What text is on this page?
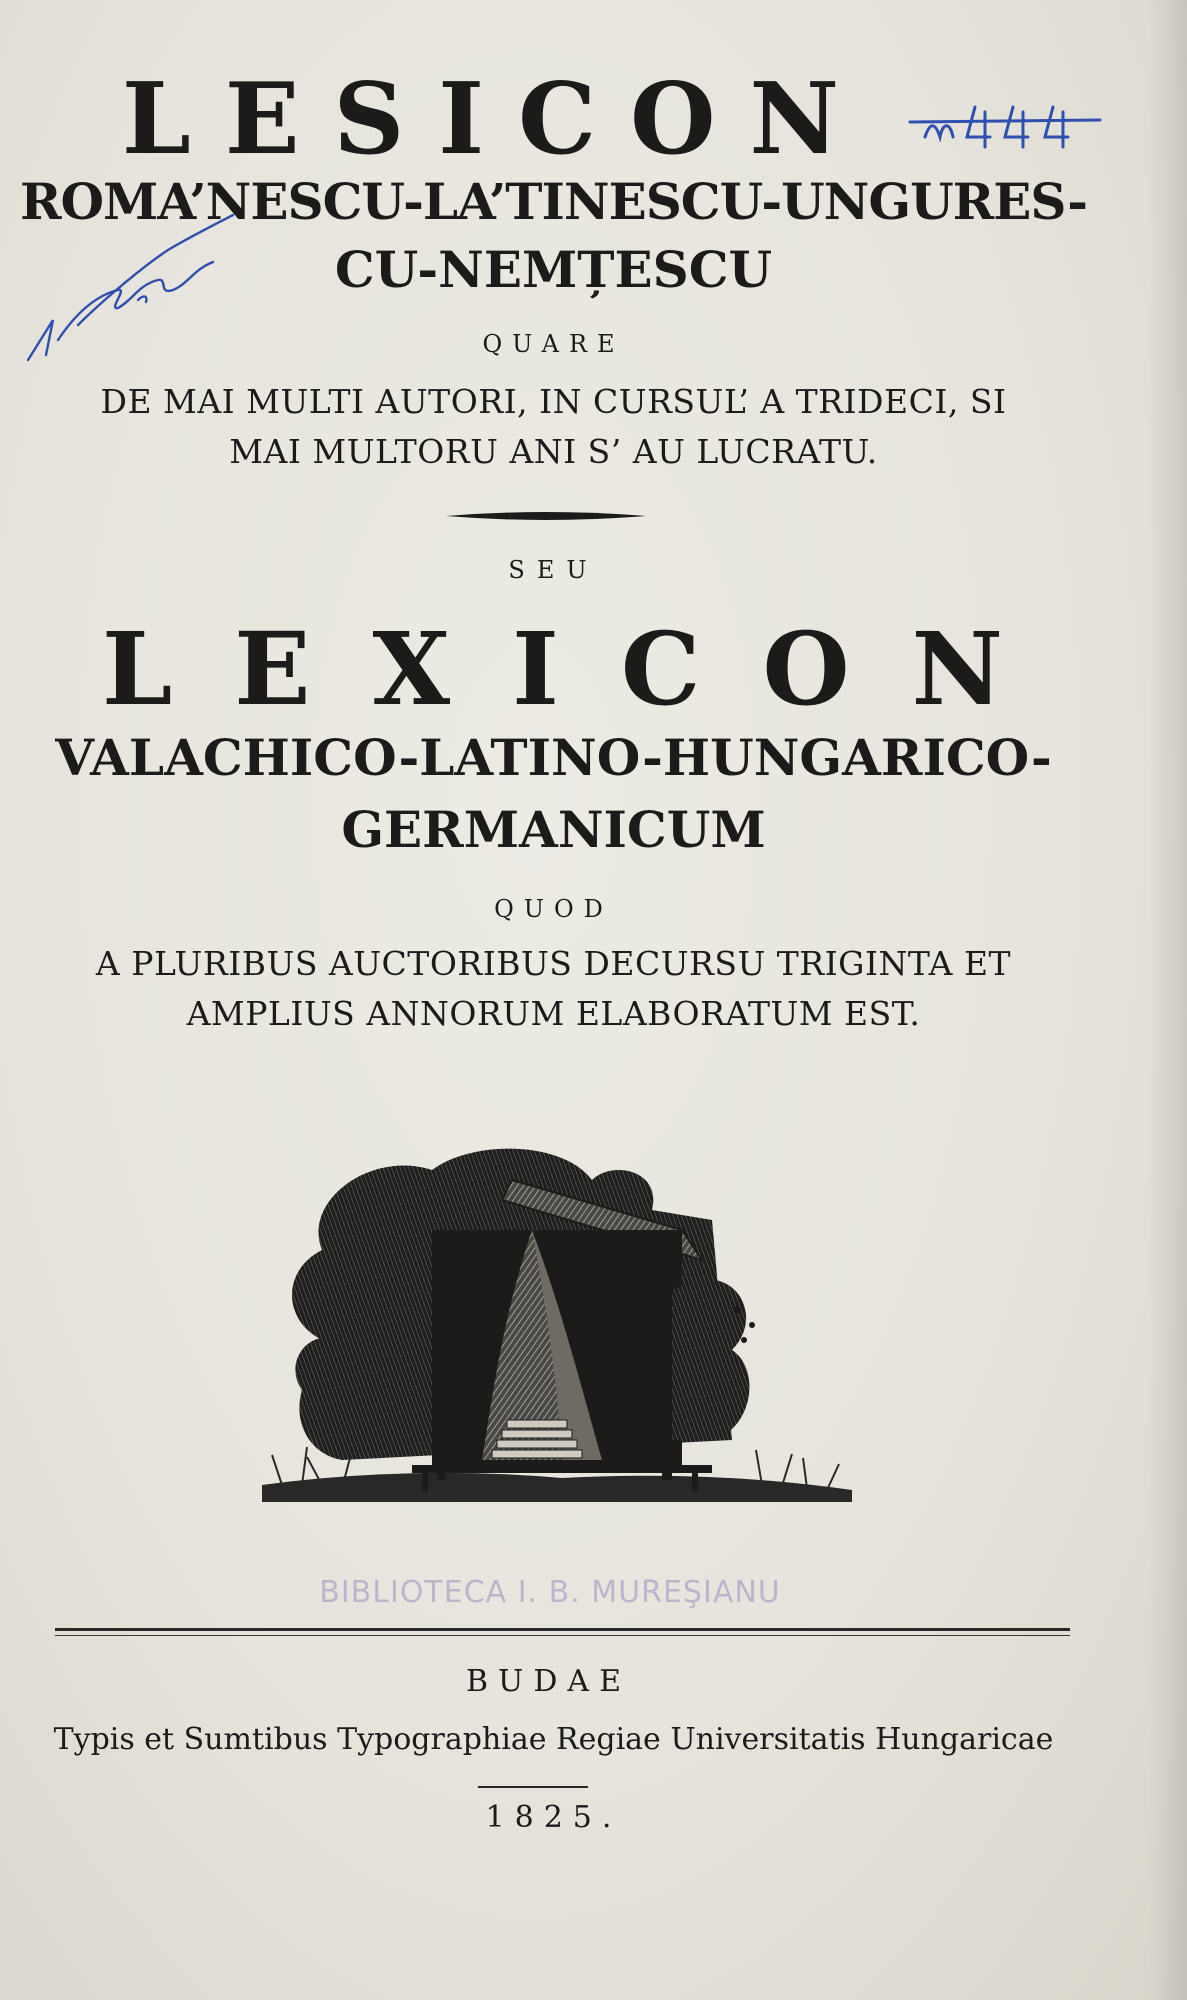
LESICON
ROMA’NESCU-LA’TINESCU-UNGURES-
CU-NEMȚESCU
QUARE
DE MAI MULTI AUTORI, IN CURSUL’ A TRIDECI, SI
MAI MULTORU ANI S’ AU LUCRATU.
SEU
LEXICON
VALACHICO-LATINO-HUNGARICO-
GERMANICUM
QUOD
A PLURIBUS AUCTORIBUS DECURSU TRIGINTA ET
AMPLIUS ANNORUM ELABORATUM EST.
BIBLIOTECA I. B. MUREŞIANU
BUDAE
Typis et Sumtibus Typographiae Regiae Universitatis Hungaricae
1825.
